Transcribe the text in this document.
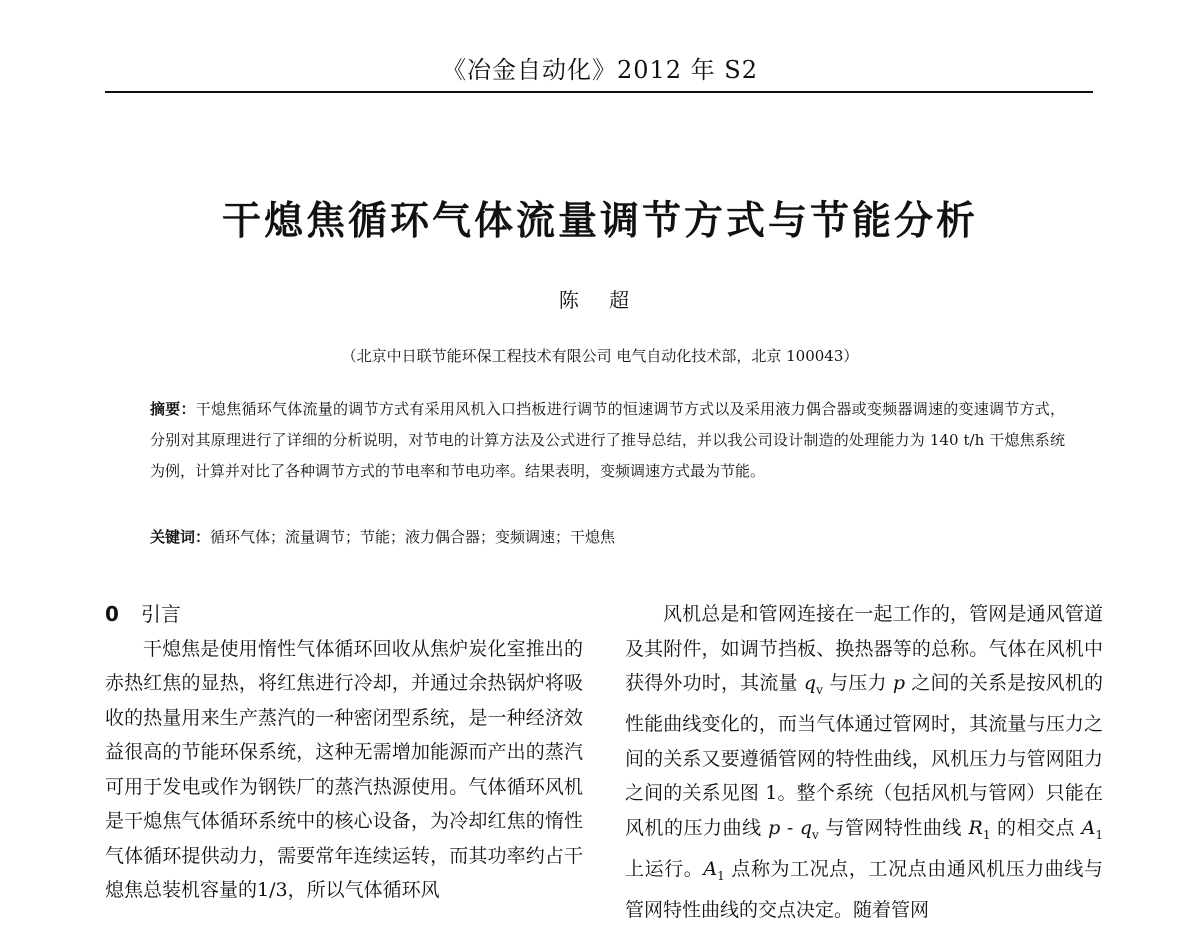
《冶金自动化》2012 年 S2
干熄焦循环气体流量调节方式与节能分析
陈 超
（北京中日联节能环保工程技术有限公司 电气自动化技术部，北京 100043）

摘要：干熄焦循环气体流量的调节方式有采用风机入口挡板进行调节的恒速调节方式以及采用液力偶合器或变频器调速的变速调节方式，分别对其原理进行了详细的分析说明，对节电的计算方法及公式进行了推导总结，并以我公司设计制造的处理能力为 140 t/h 干熄焦系统为例，计算并对比了各种调节方式的节电率和节电功率。结果表明，变频调速方式最为节能。

关键词：循环气体；流量调节；节能；液力偶合器；变频调速；干熄焦

0 引言

干熄焦是使用惰性气体循环回收从焦炉炭化室推出的赤热红焦的显热，将红焦进行冷却，并通过余热锅炉将吸收的热量用来生产蒸汽的一种密闭型系统，是一种经济效益很高的节能环保系统，这种无需增加能源而产出的蒸汽可用于发电或作为钢铁厂的蒸汽热源使用。气体循环风机是干熄焦气体循环系统中的核心设备，为冷却红焦的惰性气体循环提供动力，需要常年连续运转，而其功率约占干熄焦总装机容量的1/3，所以气体循环风

风机总是和管网连接在一起工作的，管网是通风管道及其附件，如调节挡板、换热器等的总称。气体在风机中获得外功时，其流量 $q_v$ 与压力 p 之间的关系是按风机的性能曲线变化的，而当气体通过管网时，其流量与压力之间的关系又要遵循管网的特性曲线，风机压力与管网阻力之间的关系见图 1。整个系统（包括风机与管网）只能在风机的压力曲线 p - $q_v$ 与管网特性曲线 $R_1$ 的相交点 $A_1$ 上运行。$A_1$ 点称为工况点，工况点由通风机压力曲线与管网特性曲线的交点决定。随着管网
